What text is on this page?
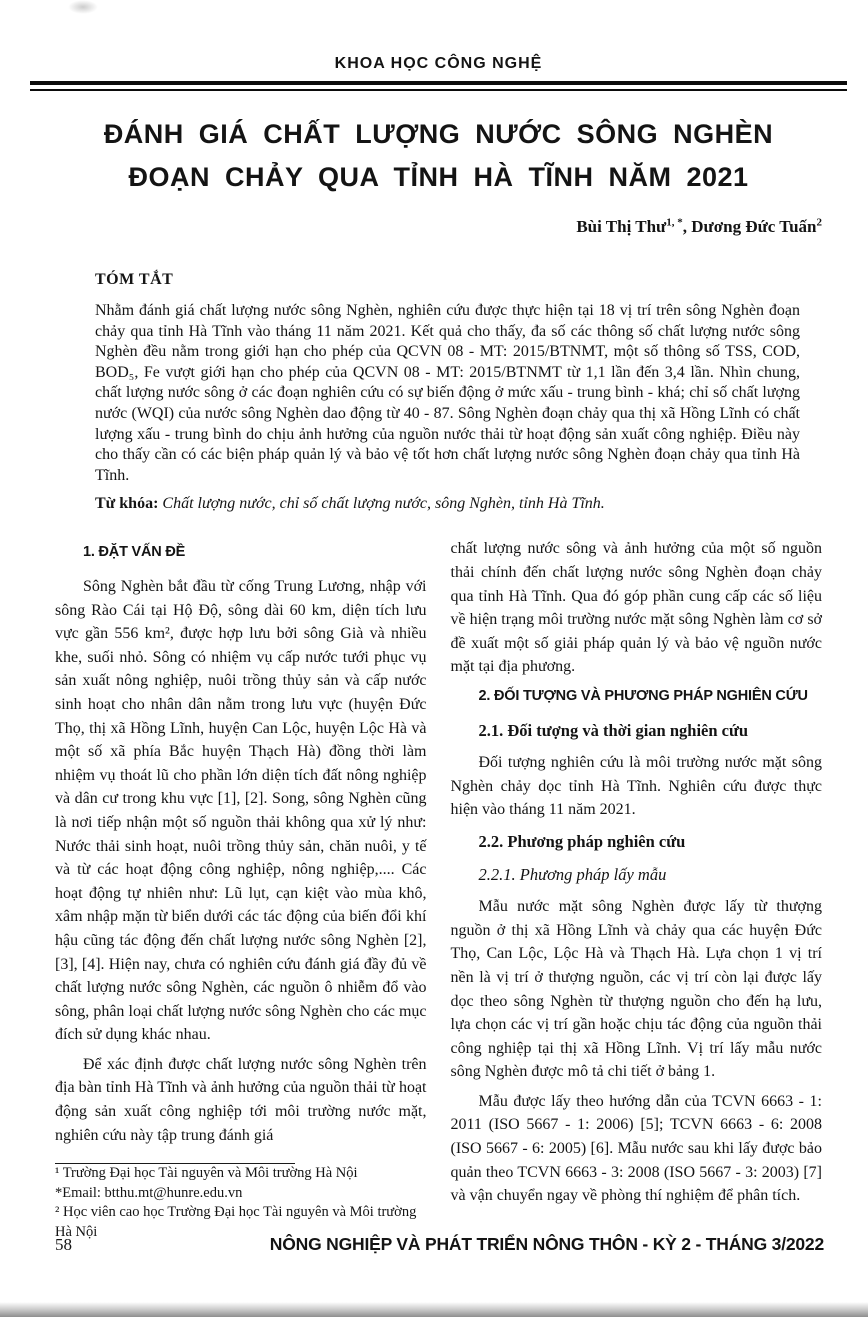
KHOA HỌC CÔNG NGHỆ
ĐÁNH GIÁ CHẤT LƯỢNG NƯỚC SÔNG NGHÈN
ĐOẠN CHẢY QUA TỈNH HÀ TĨNH NĂM 2021
Bùi Thị Thư$^{1, *}$, Dương Đức Tuấn$^2$
TÓM TẮT

Nhằm đánh giá chất lượng nước sông Nghèn, nghiên cứu được thực hiện tại 18 vị trí trên sông Nghèn đoạn chảy qua tỉnh Hà Tĩnh vào tháng 11 năm 2021. Kết quả cho thấy, đa số các thông số chất lượng nước sông Nghèn đều nằm trong giới hạn cho phép của QCVN 08 - MT: 2015/BTNMT, một số thông số TSS, COD, BOD₅, Fe vượt giới hạn cho phép của QCVN 08 - MT: 2015/BTNMT từ 1,1 lần đến 3,4 lần. Nhìn chung, chất lượng nước sông ở các đoạn nghiên cứu có sự biến động ở mức xấu - trung bình - khá; chỉ số chất lượng nước (WQI) của nước sông Nghèn dao động từ 40 - 87. Sông Nghèn đoạn chảy qua thị xã Hồng Lĩnh có chất lượng xấu - trung bình do chịu ảnh hưởng của nguồn nước thải từ hoạt động sản xuất công nghiệp. Điều này cho thấy cần có các biện pháp quản lý và bảo vệ tốt hơn chất lượng nước sông Nghèn đoạn chảy qua tỉnh Hà Tĩnh.

Từ khóa: Chất lượng nước, chỉ số chất lượng nước, sông Nghèn, tỉnh Hà Tĩnh.
1. ĐẶT VẤN ĐỀ

Sông Nghèn bắt đầu từ cống Trung Lương, nhập với sông Rào Cái tại Hộ Độ, sông dài 60 km, diện tích lưu vực gần 556 km², được hợp lưu bởi sông Già và nhiều khe, suối nhỏ. Sông có nhiệm vụ cấp nước tưới phục vụ sản xuất nông nghiệp, nuôi trồng thủy sản và cấp nước sinh hoạt cho nhân dân nằm trong lưu vực (huyện Đức Thọ, thị xã Hồng Lĩnh, huyện Can Lộc, huyện Lộc Hà và một số xã phía Bắc huyện Thạch Hà) đồng thời làm nhiệm vụ thoát lũ cho phần lớn diện tích đất nông nghiệp và dân cư trong khu vực [1], [2]. Song, sông Nghèn cũng là nơi tiếp nhận một số nguồn thải không qua xử lý như: Nước thải sinh hoạt, nuôi trồng thủy sản, chăn nuôi, y tế và từ các hoạt động công nghiệp, nông nghiệp,.... Các hoạt động tự nhiên như: Lũ lụt, cạn kiệt vào mùa khô, xâm nhập mặn từ biển dưới các tác động của biến đổi khí hậu cũng tác động đến chất lượng nước sông Nghèn [2], [3], [4]. Hiện nay, chưa có nghiên cứu đánh giá đầy đủ về chất lượng nước sông Nghèn, các nguồn ô nhiễm đổ vào sông, phân loại chất lượng nước sông Nghèn cho các mục đích sử dụng khác nhau.

Để xác định được chất lượng nước sông Nghèn trên địa bàn tỉnh Hà Tĩnh và ảnh hưởng của nguồn thải từ hoạt động sản xuất công nghiệp tới môi trường nước mặt, nghiên cứu này tập trung đánh giá

¹ Trường Đại học Tài nguyên và Môi trường Hà Nội
*Email: btthu.mt@hunre.edu.vn
² Học viên cao học Trường Đại học Tài nguyên và Môi trường Hà Nội

chất lượng nước sông và ảnh hưởng của một số nguồn thải chính đến chất lượng nước sông Nghèn đoạn chảy qua tỉnh Hà Tĩnh. Qua đó góp phần cung cấp các số liệu về hiện trạng môi trường nước mặt sông Nghèn làm cơ sở đề xuất một số giải pháp quản lý và bảo vệ nguồn nước mặt tại địa phương.

2. ĐỐI TƯỢNG VÀ PHƯƠNG PHÁP NGHIÊN CỨU
2.1. Đối tượng và thời gian nghiên cứu

Đối tượng nghiên cứu là môi trường nước mặt sông Nghèn chảy dọc tỉnh Hà Tĩnh. Nghiên cứu được thực hiện vào tháng 11 năm 2021.

2.2. Phương pháp nghiên cứu
2.2.1. Phương pháp lấy mẫu

Mẫu nước mặt sông Nghèn được lấy từ thượng nguồn ở thị xã Hồng Lĩnh và chảy qua các huyện Đức Thọ, Can Lộc, Lộc Hà và Thạch Hà. Lựa chọn 1 vị trí nền là vị trí ở thượng nguồn, các vị trí còn lại được lấy dọc theo sông Nghèn từ thượng nguồn cho đến hạ lưu, lựa chọn các vị trí gần hoặc chịu tác động của nguồn thải công nghiệp tại thị xã Hồng Lĩnh. Vị trí lấy mẫu nước sông Nghèn được mô tả chi tiết ở bảng 1.

Mẫu được lấy theo hướng dẫn của TCVN 6663 - 1: 2011 (ISO 5667 - 1: 2006) [5]; TCVN 6663 - 6: 2008 (ISO 5667 - 6: 2005) [6]. Mẫu nước sau khi lấy được bảo quản theo TCVN 6663 - 3: 2008 (ISO 5667 - 3: 2003) [7] và vận chuyển ngay về phòng thí nghiệm để phân tích.

58	NÔNG NGHIỆP VÀ PHÁT TRIỂN NÔNG THÔN - KỲ 2 - THÁNG 3/2022
